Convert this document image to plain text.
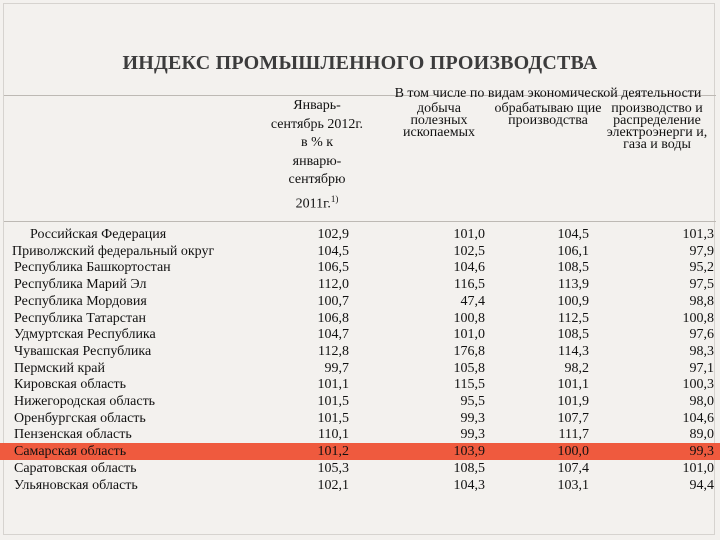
ИНДЕКС ПРОМЫШЛЕННОГО ПРОИЗВОДСТВА
Январь-
сентябрь 2012г.
в % к
январю-
сентябрю
2011г.$^{1)}$
В том числе по видам экономической деятельности
добыча полезных ископаемых
обрабатываю щие производства
производство и распределение электроэнерги и, газа и воды
Российская Федерация	102,9	101,0	104,5	101,3
Приволжский федеральный округ	104,5	102,5	106,1	97,9
Республика Башкортостан	106,5	104,6	108,5	95,2
Республика Марий Эл	112,0	116,5	113,9	97,5
Республика Мордовия	100,7	47,4	100,9	98,8
Республика Татарстан	106,8	100,8	112,5	100,8
Удмуртская Республика	104,7	101,0	108,5	97,6
Чувашская Республика	112,8	176,8	114,3	98,3
Пермский край	99,7	105,8	98,2	97,1
Кировская область	101,1	115,5	101,1	100,3
Нижегородская область	101,5	95,5	101,9	98,0
Оренбургская область	101,5	99,3	107,7	104,6
Пензенская область	110,1	99,3	111,7	89,0
Самарская область	101,2	103,9	100,0	99,3
Саратовская область	105,3	108,5	107,4	101,0
Ульяновская область	102,1	104,3	103,1	94,4
